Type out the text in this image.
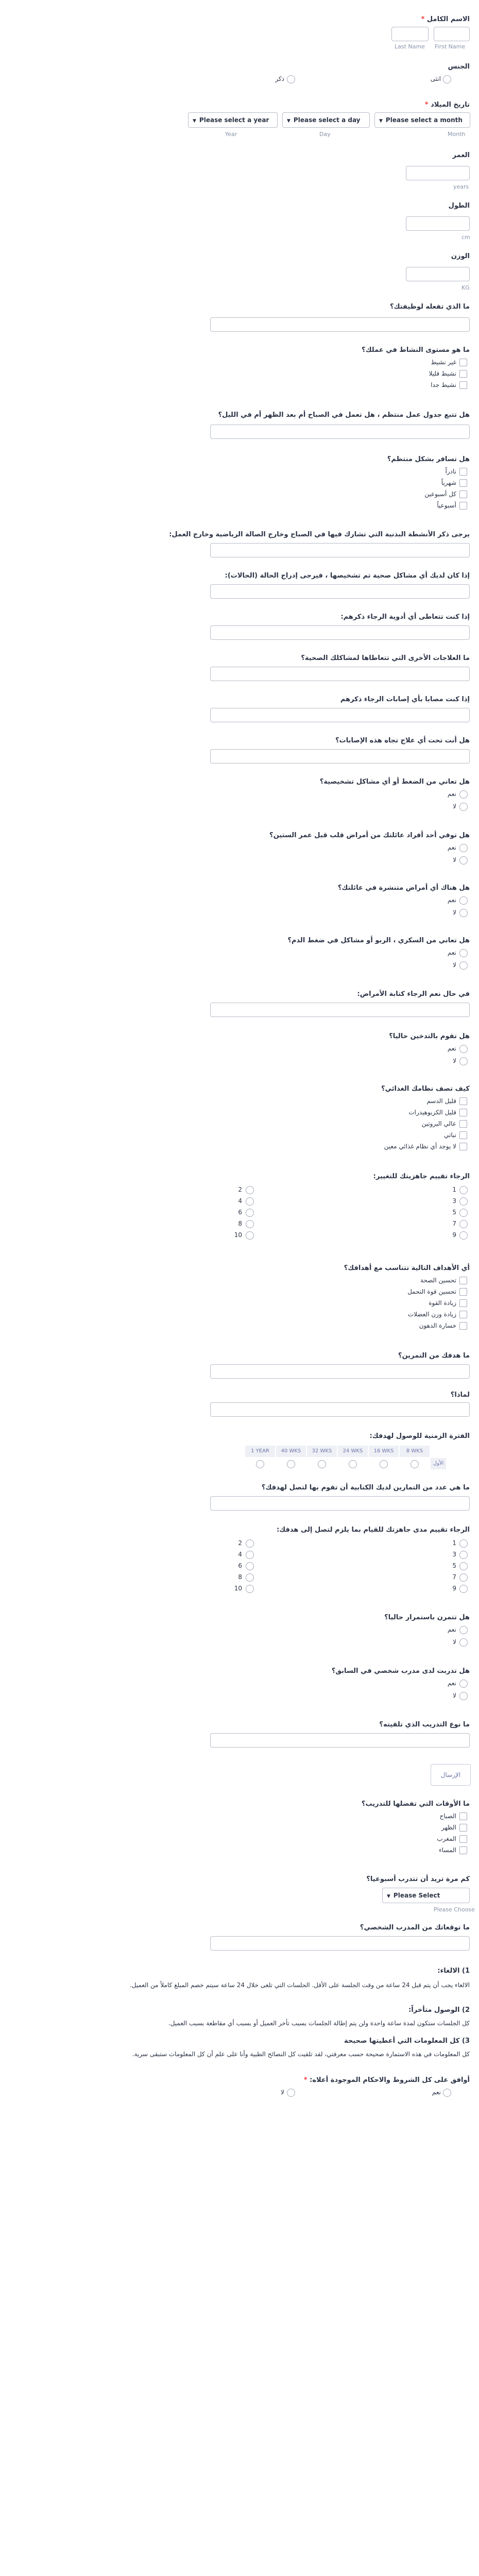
الاسم الكامل *
First Name
Last Name
الجنس
انثى
ذكر
تاريخ الميلاد *
▼ Please select a year	▼ Please select a day	▼ Please select a month
Year	Day	Month
العمر
years
الطول
cm
الوزن
KG
ما الذي تفعله لوظيفتك؟
ما هو مستوى النشاط في عملك؟
غير نشيط
نشيط قليلا
نشيط جدا
هل تتبع جدول عمل منتظم ، هل تعمل في الصباح أم بعد الظهر أم في الليل؟
هل تسافر بشكل منتظم؟
نادراً
شهرياً
كل أسبوعين
أسبوعياً
يرجى ذكر الأنشطة البدنية التي تشارك فيها في الصباح وخارج الصالة الرياضية وخارج العمل:
إذا كان لديك أي مشاكل صحية تم تشخيصها ، فيرجى إدراج الحالة (الحالات):
إذا كنت تتعاطى أي أدوية الرجاء ذكرهم:
ما العلاجات الأخرى التي تتعاطاها لمشاكلك الصحية؟
إذا كنت مصابا بأي إصابات الرجاء ذكرهم
هل أنت تحت أي علاج تجاه هذه الإصابات؟
هل تعاني من الضغط أو أي مشاكل تشخيصية؟
نعم
لا
هل توفي أحد أفراد عائلتك من أمراض قلب قبل عمر الستين؟
نعم
لا
هل هناك أي أمراض متنشرة في عائلتك؟
نعم
لا
هل تعاني من السكري ، الربو أو مشاكل في ضغط الدم؟
نعم
لا
في حال نعم الرجاء كتابة الأمراض:
هل تقوم بالتدخين حاليا؟
نعم
لا
كيف تصف نظامك الغذائي؟
قليل الدسم
قليل الكربوهيدرات
عالي البروتين
نباتي
لا يوجد أي نظام غذائي معين
الرجاء تقييم جاهزيتك للتغيير:
1
2
3
4
5
6
7
8
9
10
أي الأهداف التالية تتناسب مع أهدافك؟
تحسين الصحة
تحسين قوة التحمل
زيادة القوة
زيادة وزن العضلات
خسارة الدهون
ما هدفك من التمرين؟
لماذا؟
الفترة الزمنية للوصول لهدفك:
1 YEAR	40 WKS	32 WKS	24 WKS	16 WKS	8 WKS
الأول
ما هي عدد من التمارين لديك الكتابية أن تقوم بها لتصل لهدفك؟
الرجاء تقييم مدى جاهزتك للقيام بما يلزم لتصل إلى هدفك:
1
2
3
4
5
6
7
8
9
10
هل تتمرن باستمرار حاليا؟
نعم
لا
هل تدربت لدى مدرب شخصي في السابق؟
نعم
لا
ما نوع التدريب الذي تلقيته؟
الإرسال
ما الأوقات التي تفضلها للتدريب؟
الصباح
الظهر
المغرب
المساء
كم مرة تريد أن تتدرب أسبوعيا؟
▼ Please Select
Please Choose
ما توقعاتك من المدرب الشخصي؟
1) الالغاء:
الالغاء يجب أن يتم قبل 24 ساعة من وقت الجلسة على الأقل. الجلسات التي تلغى خلال 24 ساعة سيتم خصم المبلغ كاملاً من العميل.
2) الوصول متأخراً:
كل الجلسات ستكون لمدة ساعة واحدة ولن يتم إطالة الجلسات بسبب تأخر العميل أو بسبب أي مقاطعة بسبب العميل.
3) كل المعلومات التي أعطيتها صحيحة
كل المعلومات في هذه الاستمارة صحيحة حسب معرفتي، لقد تلقيت كل النصائح الطبية وأنا على علم أن كل المعلومات ستبقى سرية.
أوافق على كل الشروط والاحكام الموجودة أعلاه: *
نعم
لا
